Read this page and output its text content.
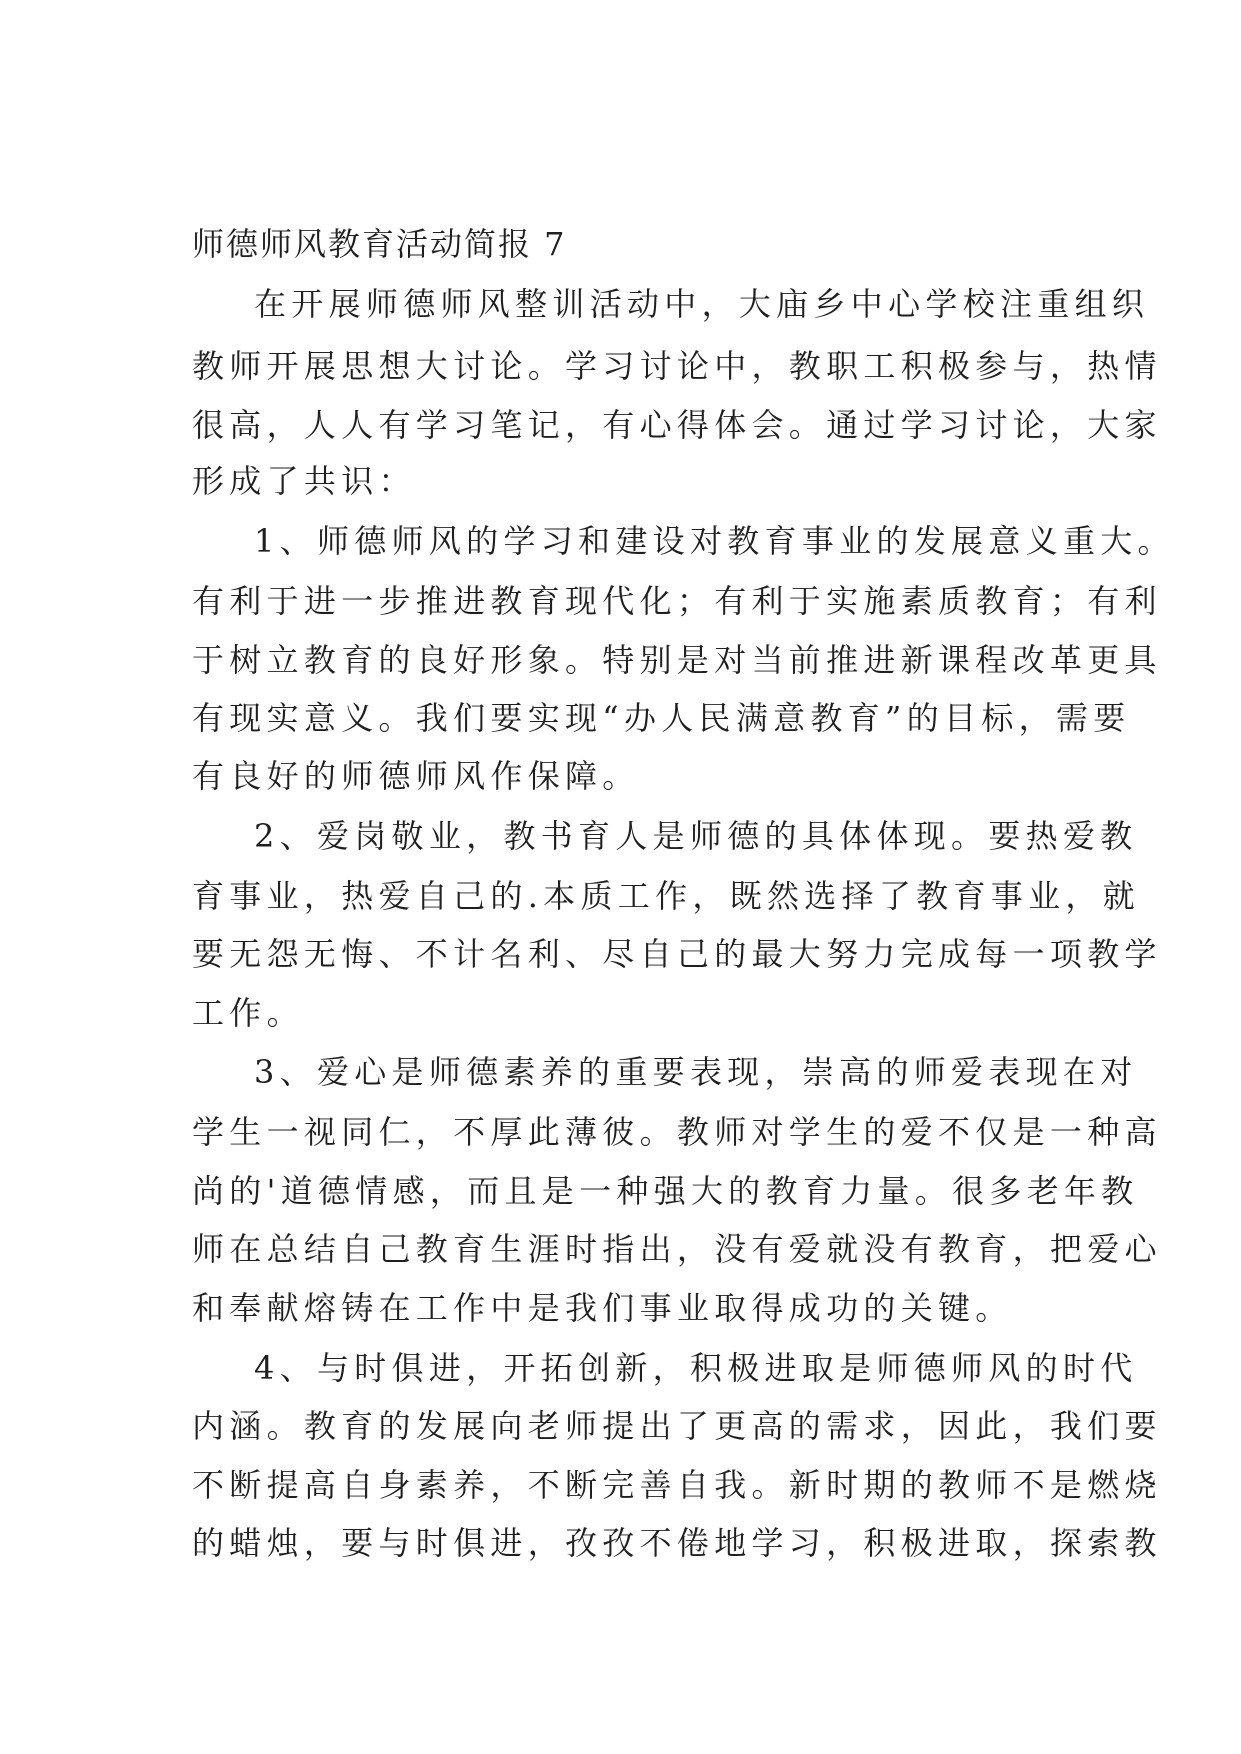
师德师风教育活动简报 7
在开展师德师风整训活动中，大庙乡中心学校注重组织
教师开展思想大讨论。学习讨论中，教职工积极参与，热情
很高，人人有学习笔记，有心得体会。通过学习讨论，大家
形成了共识：
1、师德师风的学习和建设对教育事业的发展意义重大。
有利于进一步推进教育现代化；有利于实施素质教育；有利
于树立教育的良好形象。特别是对当前推进新课程改革更具
有现实意义。我们要实现“办人民满意教育”的目标，需要
有良好的师德师风作保障。
2、爱岗敬业，教书育人是师德的具体体现。要热爱教
育事业，热爱自己的.本质工作，既然选择了教育事业，就
要无怨无悔、不计名利、尽自己的最大努力完成每一项教学
工作。
3、爱心是师德素养的重要表现，崇高的师爱表现在对
学生一视同仁，不厚此薄彼。教师对学生的爱不仅是一种高
尚的'道德情感，而且是一种强大的教育力量。很多老年教
师在总结自己教育生涯时指出，没有爱就没有教育，把爱心
和奉献熔铸在工作中是我们事业取得成功的关键。
4、与时俱进，开拓创新，积极进取是师德师风的时代
内涵。教育的发展向老师提出了更高的需求，因此，我们要
不断提高自身素养，不断完善自我。新时期的教师不是燃烧
的蜡烛，要与时俱进，孜孜不倦地学习，积极进取，探索教
